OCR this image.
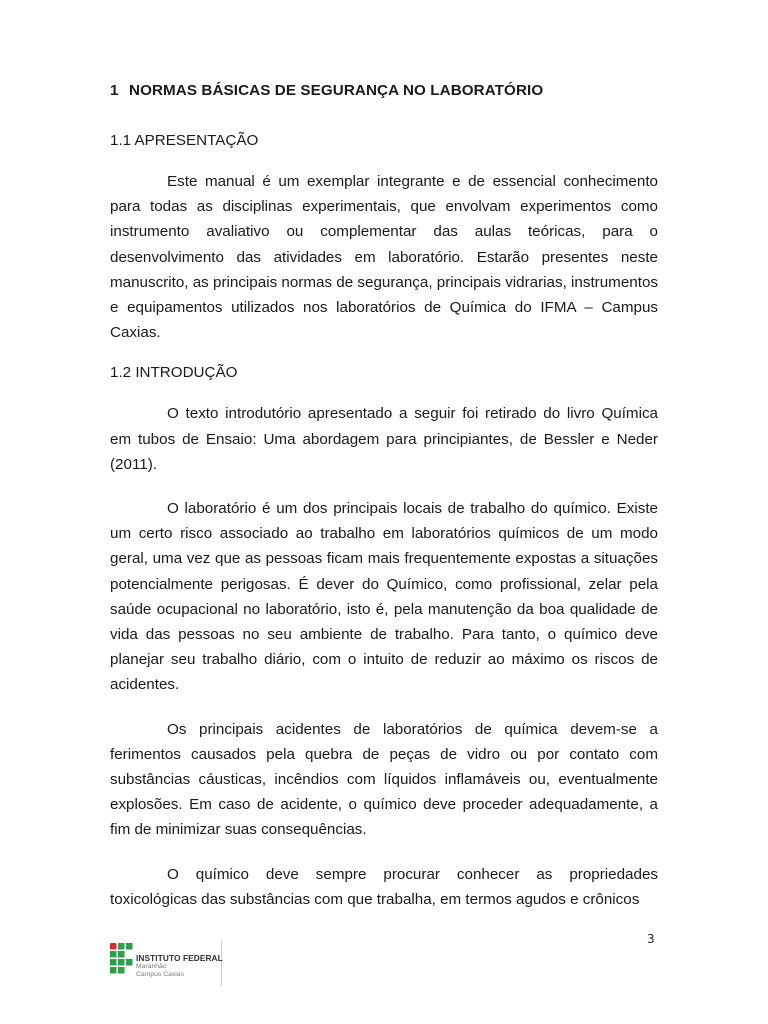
1 NORMAS BÁSICAS DE SEGURANÇA NO LABORATÓRIO
1.1 APRESENTAÇÃO

Este manual é um exemplar integrante e de essencial conhecimento para todas as disciplinas experimentais, que envolvam experimentos como instrumento avaliativo ou complementar das aulas teóricas, para o desenvolvimento das atividades em laboratório. Estarão presentes neste manuscrito, as principais normas de segurança, principais vidrarias, instrumentos e equipamentos utilizados nos laboratórios de Química do IFMA – Campus Caxias.

1.2 INTRODUÇÃO

O texto introdutório apresentado a seguir foi retirado do livro Química em tubos de Ensaio: Uma abordagem para principiantes, de Bessler e Neder (2011).

O laboratório é um dos principais locais de trabalho do químico. Existe um certo risco associado ao trabalho em laboratórios químicos de um modo geral, uma vez que as pessoas ficam mais frequentemente expostas a situações potencialmente perigosas. É dever do Químico, como profissional, zelar pela saúde ocupacional no laboratório, isto é, pela manutenção da boa qualidade de vida das pessoas no seu ambiente de trabalho. Para tanto, o químico deve planejar seu trabalho diário, com o intuito de reduzir ao máximo os riscos de acidentes.

Os principais acidentes de laboratórios de química devem-se a ferimentos causados pela quebra de peças de vidro ou por contato com substâncias cáusticas, incêndios com líquidos inflamáveis ou, eventualmente explosões. Em caso de acidente, o químico deve proceder adequadamente, a fim de minimizar suas consequências.

O químico deve sempre procurar conhecer as propriedades toxicológicas das substâncias com que trabalha, em termos agudos e crônicos

3
INSTITUTO FEDERAL
Maranhão
Campus Caxias
